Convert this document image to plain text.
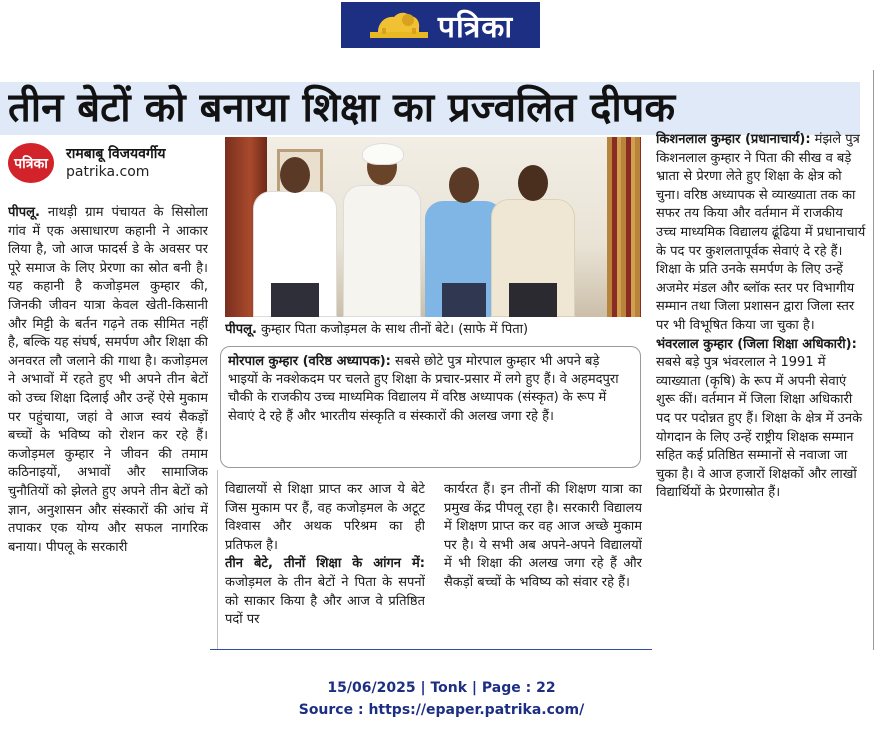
पत्रिका
तीन बेटों को बनाया शिक्षा का प्रज्वलित दीपक
पत्रिका
रामबाबू विजयवर्गीय
patrika.com

पीपलू. नाथड़ी ग्राम पंचायत के सिसोला गांव में एक असाधारण कहानी ने आकार लिया है, जो आज फादर्स डे के अवसर पर पूरे समाज के लिए प्रेरणा का स्रोत बनी है। यह कहानी है कजोड़मल कुम्हार की, जिनकी जीवन यात्रा केवल खेती-किसानी और मिट्टी के बर्तन गढ़ने तक सीमित नहीं है, बल्कि यह संघर्ष, समर्पण और शिक्षा की अनवरत लौ जलाने की गाथा है। कजोड़मल ने अभावों में रहते हुए भी अपने तीन बेटों को उच्च शिक्षा दिलाई और उन्हें ऐसे मुकाम पर पहुंचाया, जहां वे आज स्वयं सैकड़ों बच्चों के भविष्य को रोशन कर रहे हैं। कजोड़मल कुम्हार ने जीवन की तमाम कठिनाइयों, अभावों और सामाजिक चुनौतियों को झेलते हुए अपने तीन बेटों को ज्ञान, अनुशासन और संस्कारों की आंच में तपाकर एक योग्य और सफल नागरिक बनाया। पीपलू के सरकारी

पीपलू. कुम्हार पिता कजोड़मल के साथ तीनों बेटे। (साफे में पिता)

मोरपाल कुम्हार (वरिष्ठ अध्यापक): सबसे छोटे पुत्र मोरपाल कुम्हार भी अपने बड़े भाइयों के नक्शेकदम पर चलते हुए शिक्षा के प्रचार-प्रसार में लगे हुए हैं। वे अहमदपुरा चौकी के राजकीय उच्च माध्यमिक विद्यालय में वरिष्ठ अध्यापक (संस्कृत) के रूप में सेवाएं दे रहे हैं और भारतीय संस्कृति व संस्कारों की अलख जगा रहे हैं।

विद्यालयों से शिक्षा प्राप्त कर आज ये बेटे जिस मुकाम पर हैं, वह कजोड़मल के अटूट विश्वास और अथक परिश्रम का ही प्रतिफल है।
तीन बेटे, तीनों शिक्षा के आंगन में: कजोड़मल के तीन बेटों ने पिता के सपनों को साकार किया है और आज वे प्रतिष्ठित पदों पर

कार्यरत हैं। इन तीनों की शिक्षण यात्रा का प्रमुख केंद्र पीपलू रहा है। सरकारी विद्यालय में शिक्षण प्राप्त कर वह आज अच्छे मुकाम पर है। ये सभी अब अपने-अपने विद्यालयों में भी शिक्षा की अलख जगा रहे हैं और सैकड़ों बच्चों के भविष्य को संवार रहे हैं।

किशनलाल कुम्हार (प्रधानाचार्य): मंझले पुत्र किशनलाल कुम्हार ने पिता की सीख व बड़े भ्राता से प्रेरणा लेते हुए शिक्षा के क्षेत्र को चुना। वरिष्ठ अध्यापक से व्याख्याता तक का सफर तय किया और वर्तमान में राजकीय उच्च माध्यमिक विद्यालय ढूंढिया में प्रधानाचार्य के पद पर कुशलतापूर्वक सेवाएं दे रहे हैं। शिक्षा के प्रति उनके समर्पण के लिए उन्हें अजमेर मंडल और ब्लॉक स्तर पर विभागीय सम्मान तथा जिला प्रशासन द्वारा जिला स्तर पर भी विभूषित किया जा चुका है।
भंवरलाल कुम्हार (जिला शिक्षा अधिकारी): सबसे बड़े पुत्र भंवरलाल ने 1991 में व्याख्याता (कृषि) के रूप में अपनी सेवाएं शुरू कीं। वर्तमान में जिला शिक्षा अधिकारी पद पर पदोन्नत हुए हैं। शिक्षा के क्षेत्र में उनके योगदान के लिए उन्हें राष्ट्रीय शिक्षक सम्मान सहित कई प्रतिष्ठित सम्मानों से नवाजा जा चुका है। वे आज हजारों शिक्षकों और लाखों विद्यार्थियों के प्रेरणास्रोत हैं।

15/06/2025 | Tonk | Page : 22
Source : https://epaper.patrika.com/
